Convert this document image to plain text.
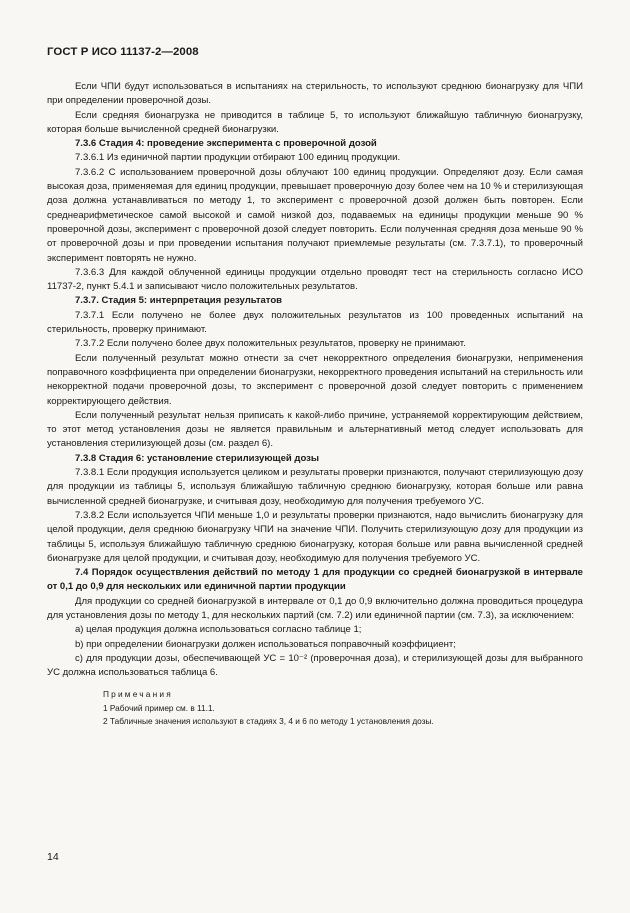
ГОСТ Р ИСО 11137-2—2008

Если ЧПИ будут использоваться в испытаниях на стерильность, то используют среднюю бионагрузку для ЧПИ при определении проверочной дозы.

Если средняя бионагрузка не приводится в таблице 5, то используют ближайшую табличную бионагрузку, которая больше вычисленной средней бионагрузки.

7.3.6 Стадия 4: проведение эксперимента с проверочной дозой

7.3.6.1 Из единичной партии продукции отбирают 100 единиц продукции.

7.3.6.2 С использованием проверочной дозы облучают 100 единиц продукции. Определяют дозу. Если самая высокая доза, применяемая для единиц продукции, превышает проверочную дозу более чем на 10 % и стерилизующая доза должна устанавливаться по методу 1, то эксперимент с проверочной дозой должен быть повторен. Если среднеарифметическое самой высокой и самой низкой доз, подаваемых на единицы продукции меньше 90 % проверочной дозы, эксперимент с проверочной дозой следует повторить. Если полученная средняя доза меньше 90 % от проверочной дозы и при проведении испытания получают приемлемые результаты (см. 7.3.7.1), то проверочный эксперимент повторять не нужно.

7.3.6.3 Для каждой облученной единицы продукции отдельно проводят тест на стерильность согласно ИСО 11737-2, пункт 5.4.1 и записывают число положительных результатов.

7.3.7. Стадия 5: интерпретация результатов

7.3.7.1 Если получено не более двух положительных результатов из 100 проведенных испытаний на стерильность, проверку принимают.

7.3.7.2 Если получено более двух положительных результатов, проверку не принимают.

Если полученный результат можно отнести за счет некорректного определения бионагрузки, неприменения поправочного коэффициента при определении бионагрузки, некорректного проведения испытаний на стерильность или некорректной подачи проверочной дозы, то эксперимент с проверочной дозой следует повторить с применением корректирующего действия.

Если полученный результат нельзя приписать к какой-либо причине, устраняемой корректирующим действием, то этот метод установления дозы не является правильным и альтернативный метод следует использовать для установления стерилизующей дозы (см. раздел 6).

7.3.8 Стадия 6: установление стерилизующей дозы

7.3.8.1 Если продукция используется целиком и результаты проверки признаются, получают стерилизующую дозу для продукции из таблицы 5, используя ближайшую табличную среднюю бионагрузку, которая больше или равна вычисленной средней бионагрузке, и считывая дозу, необходимую для получения требуемого УС.

7.3.8.2 Если используется ЧПИ меньше 1,0 и результаты проверки признаются, надо вычислить бионагрузку для целой продукции, деля среднюю бионагрузку ЧПИ на значение ЧПИ. Получить стерилизующую дозу для продукции из таблицы 5, используя ближайшую табличную среднюю бионагрузку, которая больше или равна вычисленной средней бионагрузке для целой продукции, и считывая дозу, необходимую для получения требуемого УС.

7.4 Порядок осуществления действий по методу 1 для продукции со средней бионагрузкой в интервале от 0,1 до 0,9 для нескольких или единичной партии продукции

Для продукции со средней бионагрузкой в интервале от 0,1 до 0,9 включительно должна проводиться процедура для установления дозы по методу 1, для нескольких партий (см. 7.2) или единичной партии (см. 7.3), за исключением:

a) целая продукция должна использоваться согласно таблице 1;

b) при определении бионагрузки должен использоваться поправочный коэффициент;

c) для продукции дозы, обеспечивающей УС = 10⁻² (проверочная доза), и стерилизующей дозы для выбранного УС должна использоваться таблица 6.

Примечания

1 Рабочий пример см. в 11.1.

2 Табличные значения используют в стадиях 3, 4 и 6 по методу 1 установления дозы.

14
